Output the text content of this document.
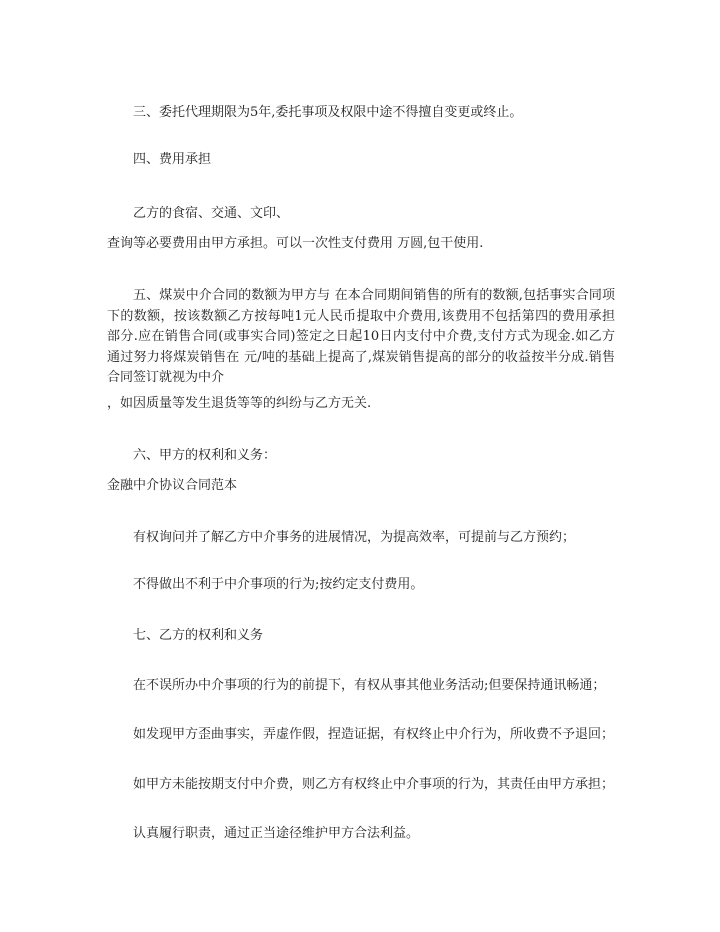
三、委托代理期限为5年,委托事项及权限中途不得擅自变更或终止。
四、费用承担
乙方的食宿、交通、文印、
查询等必要费用由甲方承担。可以一次性支付费用 万圆,包干使用.
五、煤炭中介合同的数额为甲方与 在本合同期间销售的所有的数额,包括事实合同项
下的数额，按该数额乙方按每吨1元人民币提取中介费用,该费用不包括第四的费用承担
部分.应在销售合同(或事实合同)签定之日起10日内支付中介费,支付方式为现金.如乙方
通过努力将煤炭销售在 元/吨的基础上提高了,煤炭销售提高的部分的收益按半分成.销售
合同签订就视为中介
，如因质量等发生退货等等的纠纷与乙方无关.
六、甲方的权利和义务：
金融中介协议合同范本
有权询问并了解乙方中介事务的进展情况，为提高效率，可提前与乙方预约；
不得做出不利于中介事项的行为;按约定支付费用。
七、乙方的权利和义务
在不误所办中介事项的行为的前提下，有权从事其他业务活动;但要保持通讯畅通；
如发现甲方歪曲事实，弄虚作假，捏造证据，有权终止中介行为，所收费不予退回；
如甲方未能按期支付中介费，则乙方有权终止中介事项的行为，其责任由甲方承担；
认真履行职责，通过正当途径维护甲方合法利益。
